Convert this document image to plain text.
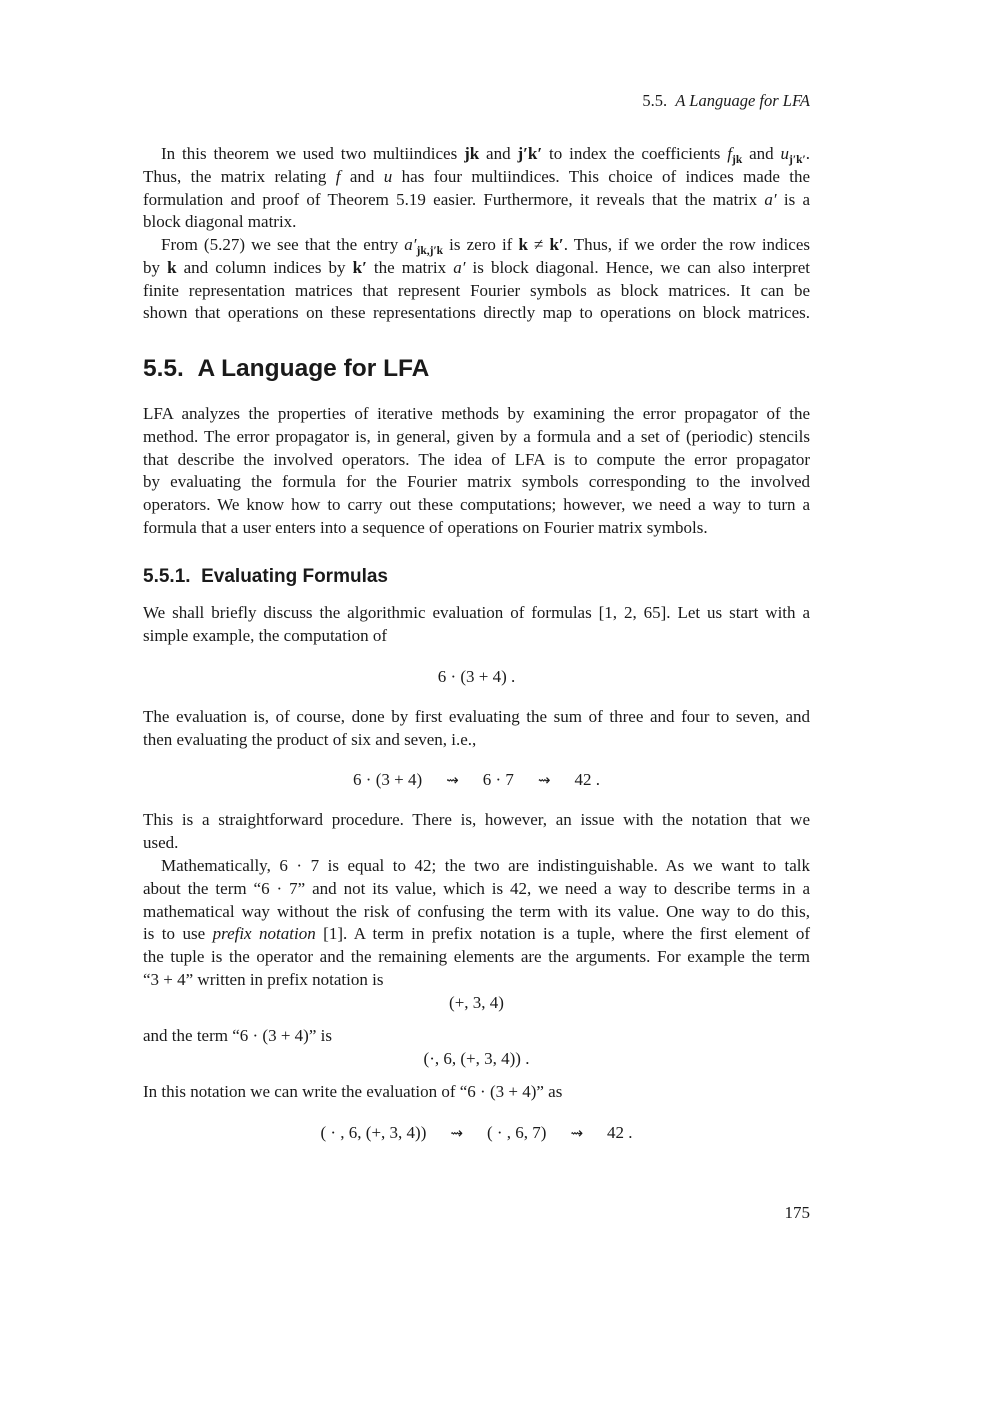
5.5. A Language for LFA

In this theorem we used two multiindices jk and j′k′ to index the coefficients $f_{jk}$ and $u_{j'k'}$.
Thus, the matrix relating f and u has four multiindices. This choice of indices made the
formulation and proof of Theorem 5.19 easier. Furthermore, it reveals that the matrix a′ is a
block diagonal matrix.

From (5.27) we see that the entry $a'_{jk,j'k}$ is zero if k ≠ k′. Thus, if we order the row indices
by k and column indices by k′ the matrix a′ is block diagonal. Hence, we can also interpret
finite representation matrices that represent Fourier symbols as block matrices. It can be
shown that operations on these representations directly map to operations on block matrices.

5.5. A Language for LFA

LFA analyzes the properties of iterative methods by examining the error propagator of the
method. The error propagator is, in general, given by a formula and a set of (periodic) stencils
that describe the involved operators. The idea of LFA is to compute the error propagator
by evaluating the formula for the Fourier matrix symbols corresponding to the involved
operators. We know how to carry out these computations; however, we need a way to turn a
formula that a user enters into a sequence of operations on Fourier matrix symbols.

5.5.1. Evaluating Formulas

We shall briefly discuss the algorithmic evaluation of formulas [1, 2, 65]. Let us start with a
simple example, the computation of

6 · (3 + 4) .

The evaluation is, of course, done by first evaluating the sum of three and four to seven, and
then evaluating the product of six and seven, i.e.,

6 · (3 + 4) ⇝ 6 · 7 ⇝ 42 .

This is a straightforward procedure. There is, however, an issue with the notation that we
used.

Mathematically, 6 · 7 is equal to 42; the two are indistinguishable. As we want to talk
about the term “6 · 7” and not its value, which is 42, we need a way to describe terms in a
mathematical way without the risk of confusing the term with its value. One way to do this,
is to use prefix notation [1]. A term in prefix notation is a tuple, where the first element of
the tuple is the operator and the remaining elements are the arguments. For example the term
“3 + 4” written in prefix notation is

(+, 3, 4)

and the term “6 · (3 + 4)” is

(·, 6, (+, 3, 4)) .

In this notation we can write the evaluation of “6 · (3 + 4)” as

( · , 6, (+, 3, 4)) ⇝ ( · , 6, 7) ⇝ 42 .
175
